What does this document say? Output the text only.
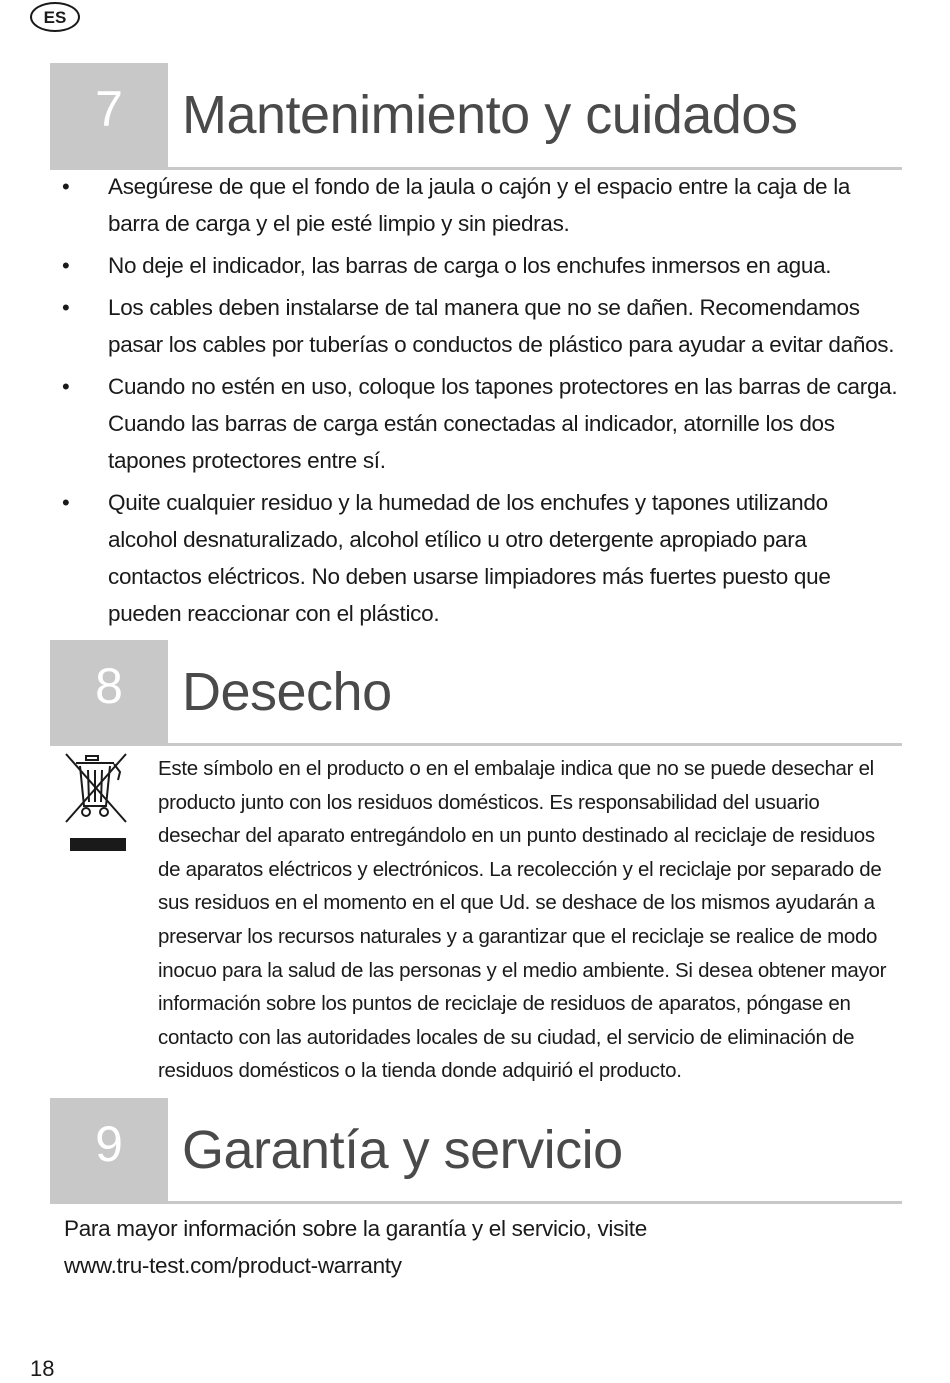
ES
7	Mantenimiento y cuidados
• Asegúrese de que el fondo de la jaula o cajón y el espacio entre la caja de la barra de carga y el pie esté limpio y sin piedras.
• No deje el indicador, las barras de carga o los enchufes inmersos en agua.
• Los cables deben instalarse de tal manera que no se dañen. Recomendamos pasar los cables por tuberías o conductos de plástico para ayudar a evitar daños.
• Cuando no estén en uso, coloque los tapones protectores en las barras de carga. Cuando las barras de carga están conectadas al indicador, atornille los dos tapones protectores entre sí.
• Quite cualquier residuo y la humedad de los enchufes y tapones utilizando alcohol desnaturalizado, alcohol etílico u otro detergente apropiado para contactos eléctricos. No deben usarse limpiadores más fuertes puesto que pueden reaccionar con el plástico.
8	Desecho

Este símbolo en el producto o en el embalaje indica que no se puede desechar el producto junto con los residuos domésticos. Es responsabilidad del usuario desechar del aparato entregándolo en un punto destinado al reciclaje de residuos de aparatos eléctricos y electrónicos. La recolección y el reciclaje por separado de sus residuos en el momento en el que Ud. se deshace de los mismos ayudarán a preservar los recursos naturales y a garantizar que el reciclaje se realice de modo inocuo para la salud de las personas y el medio ambiente. Si desea obtener mayor información sobre los puntos de reciclaje de residuos de aparatos, póngase en contacto con las autoridades locales de su ciudad, el servicio de eliminación de residuos domésticos o la tienda donde adquirió el producto.

9	Garantía y servicio
Para mayor información sobre la garantía y el servicio, visite
www.tru-test.com/product-warranty
18
